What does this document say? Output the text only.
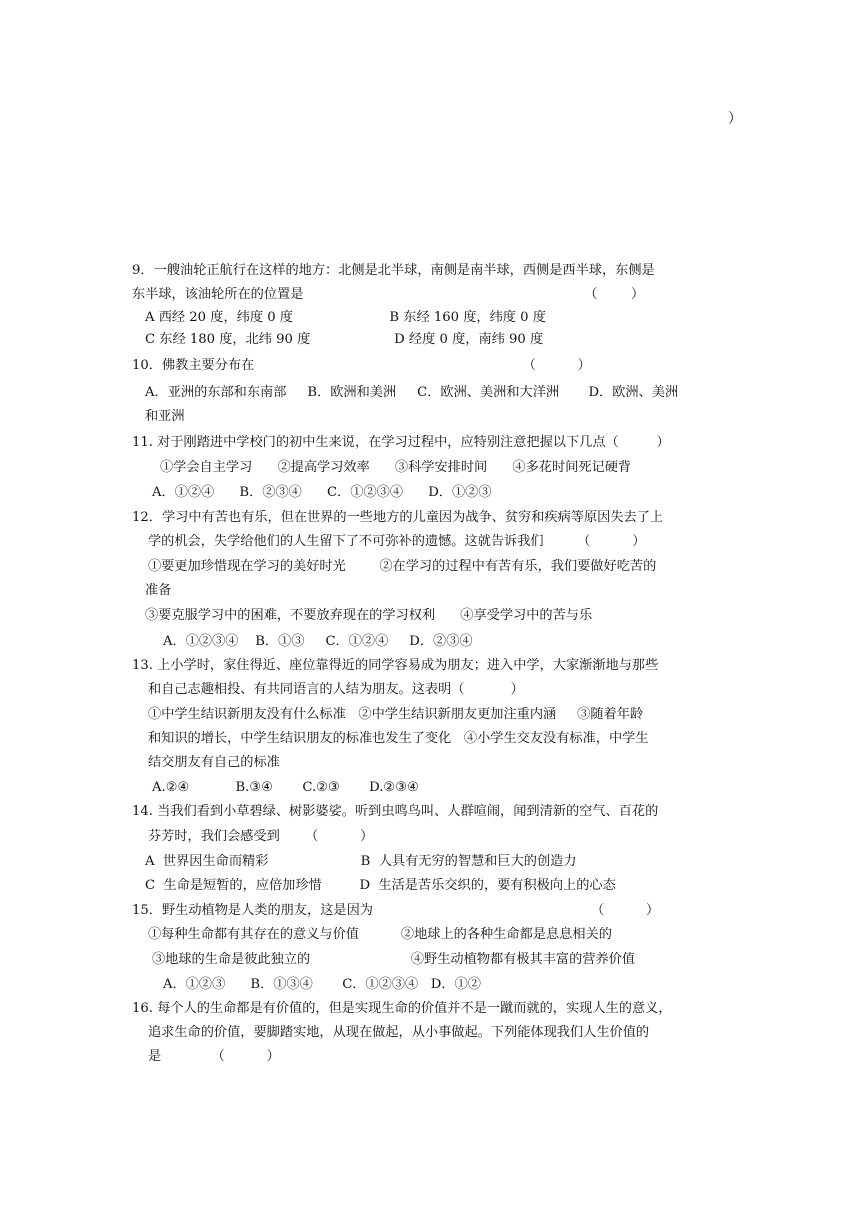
）
9．一艘油轮正航行在这样的地方：北侧是北半球，南侧是南半球，西侧是西半球，东侧是
东半球，该油轮所在的位置是                                                                   （        ）
A 西经 20 度，纬度 0 度                       B 东经 160 度，纬度 0 度
C 东经 180 度，北纬 90 度                    D 经度 0 度，南纬 90 度
10．佛教主要分布在                                                                （          ）
A．亚洲的东部和东南部     B．欧洲和美洲     C．欧洲、美洲和大洋洲       D．欧洲、美洲
和亚洲
11. 对于刚踏进中学校门的初中生来说，在学习过程中，应特别注意把握以下几点（         ）
①学会自主学习      ②提高学习效率      ③科学安排时间      ④多花时间死记硬背
A．①②④      B．②③④      C．①②③④      D．①②③
12．学习中有苦也有乐，但在世界的一些地方的儿童因为战争、贫穷和疾病等原因失去了上
学的机会，失学给他们的人生留下了不可弥补的遗憾。这就告诉我们        （          ）
①要更加珍惜现在学习的美好时光        ②在学习的过程中有苦有乐，我们要做好吃苦的
准备
③要克服学习中的困难，不要放弃现在的学习权利      ④享受学习中的苦与乐
A．①②③④    B．①③     C．①②④     D．②③④
13. 上小学时，家住得近、座位靠得近的同学容易成为朋友；进入中学，大家渐渐地与那些
和自己志趣相投、有共同语言的人结为朋友。这表明（           ）
①中学生结识新朋友没有什么标准   ②中学生结识新朋友更加注重内涵     ③随着年龄
和知识的增长，中学生结识朋友的标准也发生了变化   ④小学生交友没有标准，中学生
结交朋友有自己的标准
A.②④           B.③④       C.②③       D.②③④
14. 当我们看到小草碧绿、树影婆娑。听到虫鸣鸟叫、人群喧闹，闻到清新的空气、百花的
芬芳时，我们会感受到      （          ）
A  世界因生命而精彩                      B  人具有无穷的智慧和巨大的创造力
C  生命是短暂的，应倍加珍惜         D  生活是苦乐交织的，要有积极向上的心态
15．野生动植物是人类的朋友，这是因为                                                    （          ）
①每种生命都有其存在的意义与价值          ②地球上的各种生命都是息息相关的
③地球的生命是彼此独立的                        ④野生动植物都有极其丰富的营养价值
A．①②③      B．①③④       C．①②③④   D．①②
16. 每个人的生命都是有价值的，但是实现生命的价值并不是一蹴而就的，实现人生的意义，
追求生命的价值，要脚踏实地，从现在做起，从小事做起。下列能体现我们人生价值的
是            （          ）
